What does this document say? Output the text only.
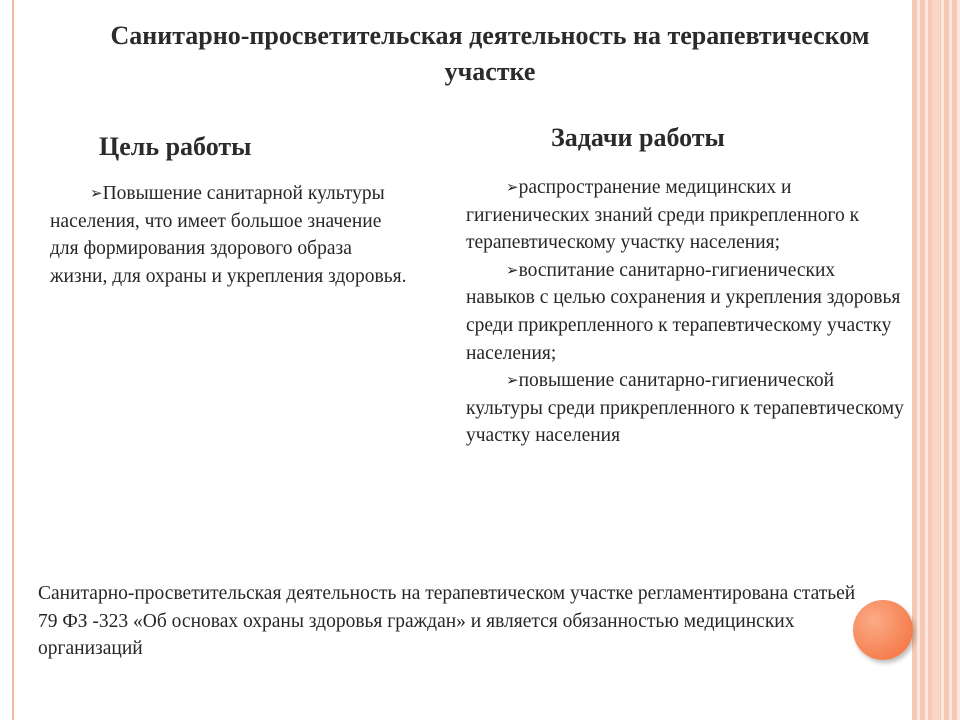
Санитарно-просветительская деятельность на терапевтическом участке
Цель работы
➢Повышение санитарной культуры населения, что имеет большое значение для формирования здорового образа жизни, для охраны и укрепления здоровья.
Задачи работы
➢распространение медицинских и гигиенических знаний среди прикрепленного к терапевтическому участку населения;
➢воспитание санитарно-гигиенических навыков с целью сохранения и укрепления здоровья среди прикрепленного к терапевтическому участку населения;
➢повышение санитарно-гигиенической культуры среди прикрепленного к терапевтическому участку населения
Санитарно-просветительская деятельность на терапевтическом участке регламентирована статьей 79 ФЗ -323 «Об основах охраны здоровья граждан» и является обязанностью медицинских организаций
